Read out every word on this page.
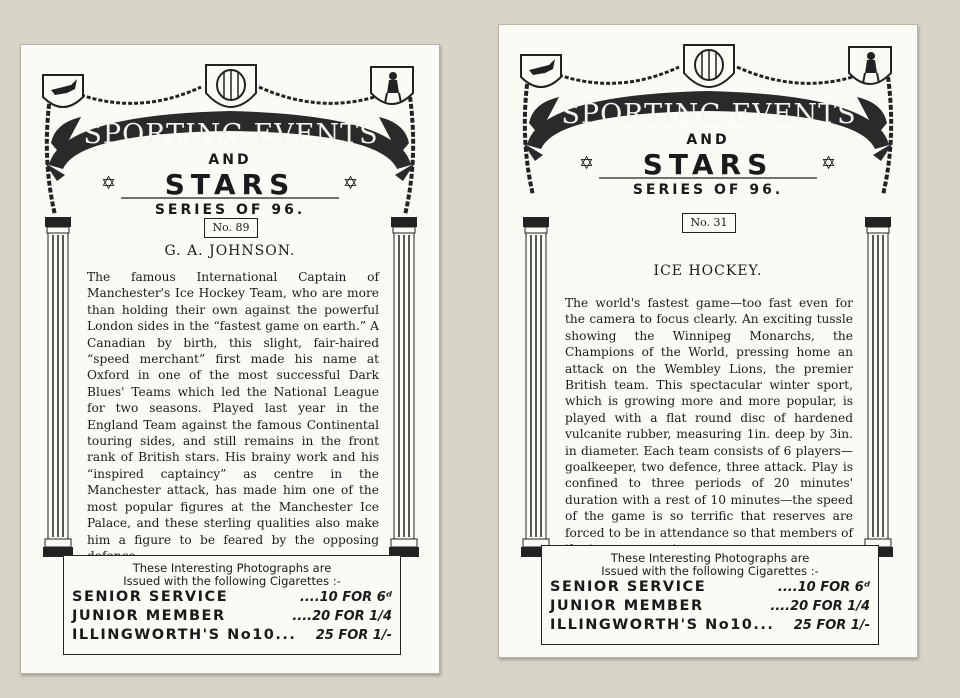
SPORTING EVENTS
AND
✡	STARS	✡
SERIES OF 96.
No. 89
G. A. JOHNSON.
The famous International Captain of Manchester's Ice Hockey Team, who are more than holding their own against the powerful London sides in the “fastest game on earth.” A Canadian by birth, this slight, fair-haired “speed merchant” first made his name at Oxford in one of the most successful Dark Blues' Teams which led the National League for two seasons. Played last year in the England Team against the famous Continental touring sides, and still remains in the front rank of British stars. His brainy work and his “inspired captaincy” as centre in the Manchester attack, has made him one of the most popular figures at the Manchester Ice Palace, and these sterling qualities also make him a figure to be feared by the opposing
These Interesting Photographs are
Issued with the following Cigarettes :-
SENIOR SERVICE	....10 FOR 6ᵈ
JUNIOR MEMBER	....20 FOR 1/4
ILLINGWORTH'S No10... 25 FOR 1/-
SPORTING EVENTS
AND
✡	STARS	✡
SERIES OF 96.
No. 31
ICE HOCKEY.
The world's fastest game—too fast even for the camera to focus clearly. An exciting tussle showing the Winnipeg Monarchs, the Champions of the World, pressing home an attack on the Wembley Lions, the premier British team. This spectacular winter sport, which is growing more and more popular, is played with a flat round disc of hardened vulcanite rubber, measuring 1in. deep by 3in. in diameter. Each team consists of 6 players—goalkeeper, two defence, three attack. Play is confined to three periods of 20 minutes' duration with a rest of 10 minutes—the speed of the game is so terrific that reserves are forced to be in attendance so that members of
These Interesting Photographs are
Issued with the following Cigarettes :-
SENIOR SERVICE	....10 FOR 6ᵈ
JUNIOR MEMBER	....20 FOR 1/4
ILLINGWORTH'S No10... 25 FOR 1/-
